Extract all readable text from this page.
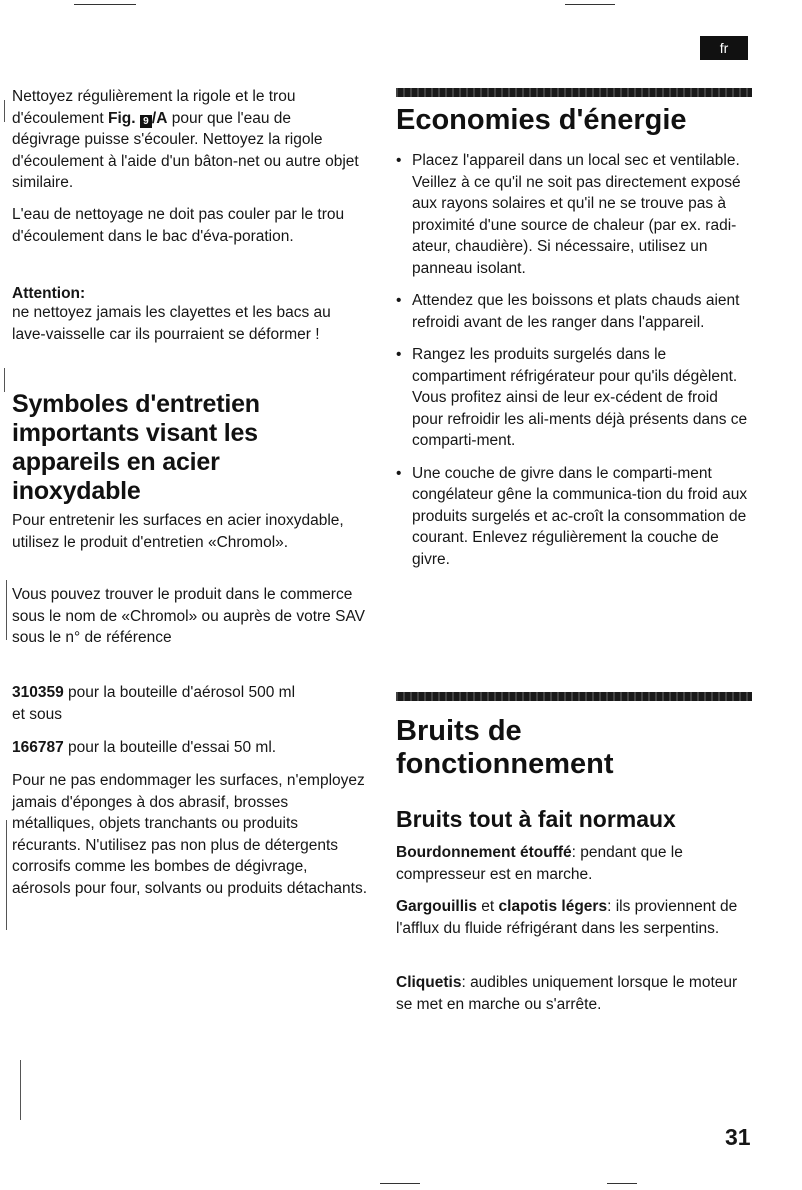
fr

Nettoyez régulièrement la rigole et le trou d'écoulement Fig. 9 /A pour que l'eau de dégivrage puisse s'écouler. Nettoyez la rigole d'écoulement à l'aide d'un bâton-net ou autre objet similaire.

L'eau de nettoyage ne doit pas couler par le trou d'écoulement dans le bac d'éva-poration.

Attention:

ne nettoyez jamais les clayettes et les bacs au lave-vaisselle car ils pourraient se déformer !

Symboles d'entretien importants visant les appareils en acier inoxydable

Pour entretenir les surfaces en acier inoxydable, utilisez le produit d'entretien «Chromol».

Vous pouvez trouver le produit dans le commerce sous le nom de «Chromol» ou auprès de votre SAV sous le n° de référence

310359 pour la bouteille d'aérosol 500 ml

et sous

166787 pour la bouteille d'essai 50 ml.

Pour ne pas endommager les surfaces, n'employez jamais d'éponges à dos abrasif, brosses métalliques, objets tranchants ou produits récurants. N'utilisez pas non plus de détergents corrosifs comme les bombes de dégivrage, aérosols pour four, solvants ou produits détachants.

Economies d'énergie
• Placez l'appareil dans un local sec et ventilable. Veillez à ce qu'il ne soit pas directement exposé aux rayons solaires et qu'il ne se trouve pas à proximité d'une source de chaleur (par ex. radi-ateur, chaudière). Si nécessaire, utilisez un panneau isolant.
• Attendez que les boissons et plats chauds aient refroidi avant de les ranger dans l'appareil.
• Rangez les produits surgelés dans le compartiment réfrigérateur pour qu'ils dégèlent. Vous profitez ainsi de leur ex-cédent de froid pour refroidir les ali-ments déjà présents dans ce comparti-ment.
• Une couche de givre dans le comparti-ment congélateur gêne la communica-tion du froid aux produits surgelés et ac-croît la consommation de courant. Enlevez régulièrement la couche de givre.
Bruits de fonctionnement
Bruits tout à fait normaux

Bourdonnement étouffé: pendant que le compresseur est en marche.

Gargouillis et clapotis légers: ils proviennent de l'afflux du fluide réfrigérant dans les serpentins.

Cliquetis: audibles uniquement lorsque le moteur se met en marche ou s'arrête.

31
